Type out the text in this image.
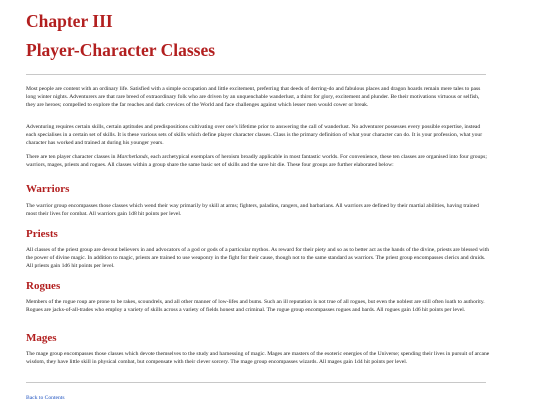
Chapter III
Player-Character Classes

Most people are content with an ordinary life. Satisfied with a simple occupation and little excitement, preferring that deeds of derring-do and fabulous places and dragon hoards remain mere tales to pass long winter nights. Adventurers are that rare breed of extraordinary folk who are driven by an unquenchable wanderlust, a thirst for glory, excitement and plunder. Be their motivations virtuous or selfish, they are heroes; compelled to explore the far reaches and dark crevices of the World and face challenges against which lesser men would cower or break.

Adventuring requires certain skills, certain aptitudes and predispositions cultivating over one’s lifetime prior to answering the call of wanderlust. No adventurer possesses every possible expertise, instead each specialises in a certain set of skills. It is these various sets of skills which define player character classes. Class is the primary definition of what your character can do. It is your profession, what your character has worked and trained at during his younger years.

There are ten player character classes in Marchetlands, each archetypical exemplars of heroism broadly applicable in most fantastic worlds. For convenience, these ten classes are organised into four groups; warriors, mages, priests and rogues. All classes within a group share the same basic set of skills and the save hit die. These four groups are further elaborated below:

Warriors

The warrior group encompasses those classes which wend their way primarily by skill at arms; fighters, paladins, rangers, and barbarians. All warriors are defined by their martial abilities, having trained most their lives for combat. All warriors gain 1d8 hit points per level.

Priests

All classes of the priest group are devout believers in and advocators of a god or gods of a particular mythos. As reward for their piety and so as to better act as the hands of the divine, priests are blessed with the power of divine magic. In addition to magic, priests are trained to use weaponry in the fight for their cause, though not to the same standard as warriors. The priest group encompasses clerics and druids. All priests gain 1d6 hit points per level.

Rogues

Members of the rogue roup are prone to be rakes, scoundrels, and all other manner of low-lifes and bums. Such an ill reputation is not true of all rogues, but even the noblest are still often loath to authority. Rogues are jacks-of-all-trades who employ a variety of skills across a variety of fields honest and criminal. The rogue group encompasses rogues and bards. All rogues gain 1d6 hit points per level.

Mages

The mage group encompasses those classes which devote themselves to the study and harnessing of magic. Mages are masters of the esoteric energies of the Universe; spending their lives in pursuit of arcane wisdom, they have little skill in physical combat, but compensate with their clever sorcery. The mage group encompasses wizards. All mages gain 1d4 hit points per level.

Back to Contents
